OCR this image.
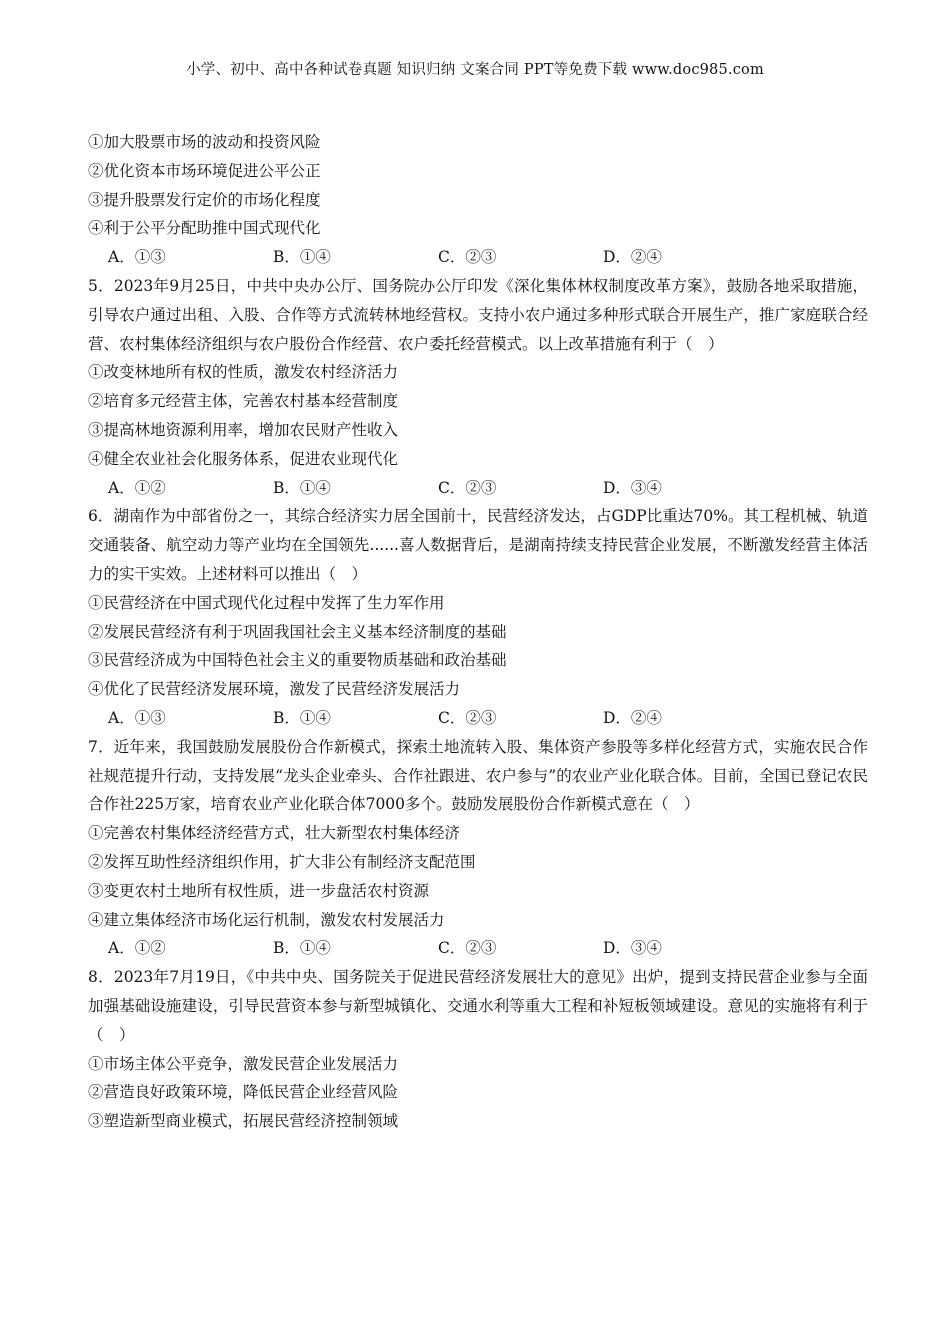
小学、初中、高中各种试卷真题 知识归纳 文案合同 PPT等免费下载 www.doc985.com
①加大股票市场的波动和投资风险
②优化资本市场环境促进公平公正
③提升股票发行定价的市场化程度
④利于公平分配助推中国式现代化
A．①③	B．①④	C．②③	D．②④
5．2023年9月25日，中共中央办公厅、国务院办公厅印发《深化集体林权制度改革方案》，鼓励各地采取措施，引导农户通过出租、入股、合作等方式流转林地经营权。支持小农户通过多种形式联合开展生产，推广家庭联合经营、农村集体经济组织与农户股份合作经营、农户委托经营模式。以上改革措施有利于（　）
①改变林地所有权的性质，激发农村经济活力
②培育多元经营主体，完善农村基本经营制度
③提高林地资源利用率，增加农民财产性收入
④健全农业社会化服务体系，促进农业现代化
A．①②	B．①④	C．②③	D．③④
6．湖南作为中部省份之一，其综合经济实力居全国前十，民营经济发达，占GDP比重达70%。其工程机械、轨道交通装备、航空动力等产业均在全国领先......喜人数据背后，是湖南持续支持民营企业发展，不断激发经营主体活力的实干实效。上述材料可以推出（　）
①民营经济在中国式现代化过程中发挥了生力军作用
②发展民营经济有利于巩固我国社会主义基本经济制度的基础
③民营经济成为中国特色社会主义的重要物质基础和政治基础
④优化了民营经济发展环境，激发了民营经济发展活力
A．①③	B．①④	C．②③	D．②④
7．近年来，我国鼓励发展股份合作新模式，探索土地流转入股、集体资产参股等多样化经营方式，实施农民合作社规范提升行动，支持发展“龙头企业牵头、合作社跟进、农户参与”的农业产业化联合体。目前，全国已登记农民合作社225万家，培育农业产业化联合体7000多个。鼓励发展股份合作新模式意在（　）
①完善农村集体经济经营方式，壮大新型农村集体经济
②发挥互助性经济组织作用，扩大非公有制经济支配范围
③变更农村土地所有权性质，进一步盘活农村资源
④建立集体经济市场化运行机制，激发农村发展活力
A．①②	B．①④	C．②③	D．③④
8．2023年7月19日，《中共中央、国务院关于促进民营经济发展壮大的意见》出炉，提到支持民营企业参与全面加强基础设施建设，引导民营资本参与新型城镇化、交通水利等重大工程和补短板领域建设。意见的实施将有利于（　）
①市场主体公平竞争，激发民营企业发展活力
②营造良好政策环境，降低民营企业经营风险
③塑造新型商业模式，拓展民营经济控制领域
